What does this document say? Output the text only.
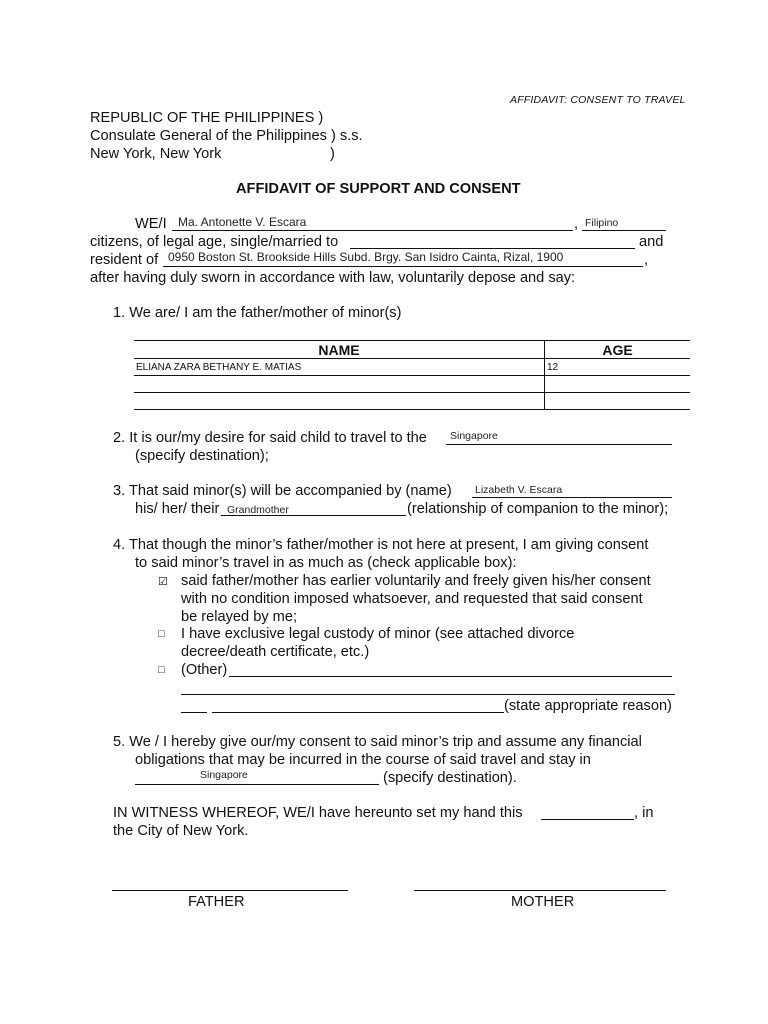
AFFIDAVIT: CONSENT TO TRAVEL
REPUBLIC OF THE PHILIPPINES )
Consulate General of the Philippines ) s.s.
New York, New York	)
AFFIDAVIT OF SUPPORT AND CONSENT
WE/I Ma. Antonette V. Escara	, Filipino
citizens, of legal age, single/married to	and
resident of 0950 Boston St. Brookside Hills Subd. Brgy. San Isidro Cainta, Rizal, 1900	,
after having duly sworn in accordance with law, voluntarily depose and say:
1. We are/ I am the father/mother of minor(s)
NAME	AGE
ELIANA ZARA BETHANY E. MATIAS	12

2. It is our/my desire for said child to travel to the Singapore
(specify destination);
3. That said minor(s) will be accompanied by (name) Lizabeth V. Escara
his/ her/ their Grandmother	(relationship of companion to the minor);
4. That though the minor’s father/mother is not here at present, I am giving consent
to said minor’s travel in as much as (check applicable box):
☑ said father/mother has earlier voluntarily and freely given his/her consent
with no condition imposed whatsoever, and requested that said consent
be relayed by me;
□ I have exclusive legal custody of minor (see attached divorce
decree/death certificate, etc.)
□ (Other)
(state appropriate reason)
5. We / I hereby give our/my consent to said minor’s trip and assume any financial
obligations that may be incurred in the course of said travel and stay in
Singapore	(specify destination).
IN WITNESS WHEREOF, WE/I have hereunto set my hand this	, in
the City of New York.
FATHER	MOTHER
